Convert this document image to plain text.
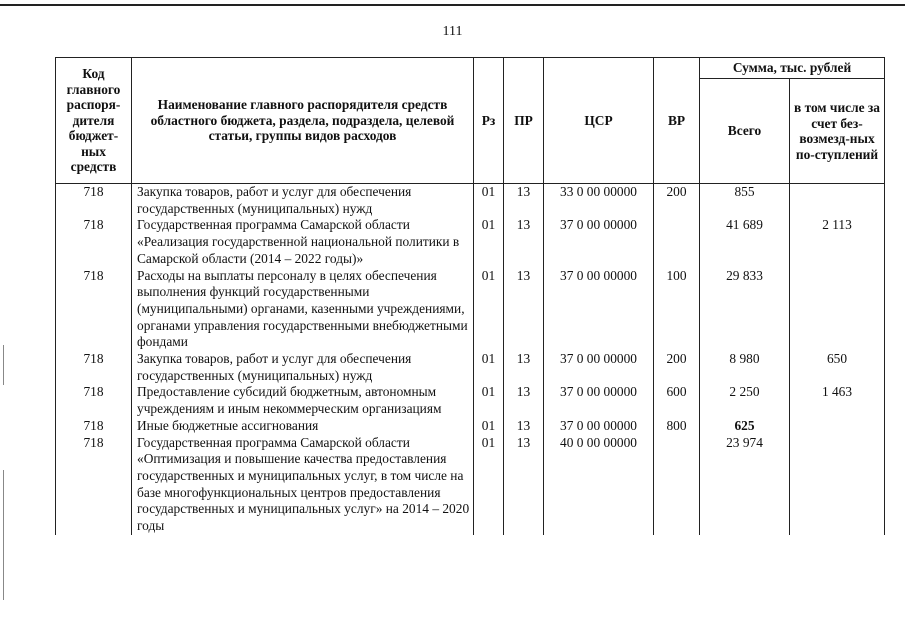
111
Код главного распоря-дителя бюджет-ных средств	Наименование главного распорядителя средств областного бюджета, раздела, подраздела, целевой статьи, группы видов расходов	Рз	ПР	ЦСР	ВР	Сумма, тыс. рублей	
						Всего	в том числе за счет без-возмезд-ных по-ступлений
718	Закупка товаров, работ и услуг для обеспечения государственных (муниципальных) нужд	01	13	33 0 00 00000	200	855	
718	Государственная программа Самарской области «Реализация государственной национальной политики в Самарской области (2014 – 2022 годы)»	01	13	37 0 00 00000		41 689	2 113
718	Расходы на выплаты персоналу в целях обеспечения выполнения функций государственными (муниципальными) органами, казенными учреждениями, органами управления государственными внебюджетными фондами	01	13	37 0 00 00000	100	29 833	
718	Закупка товаров, работ и услуг для обеспечения государственных (муниципальных) нужд	01	13	37 0 00 00000	200	8 980	650
718	Предоставление субсидий бюджетным, автономным учреждениям и иным некоммерческим организациям	01	13	37 0 00 00000	600	2 250	1 463
718	Иные бюджетные ассигнования	01	13	37 0 00 00000	800	625	
718	Государственная программа Самарской области «Оптимизация и повышение качества предоставления государственных и муниципальных услуг, в том числе на базе многофункциональных центров предоставления государственных и муниципальных услуг» на 2014 – 2020 годы	01	13	40 0 00 00000		23 974	
